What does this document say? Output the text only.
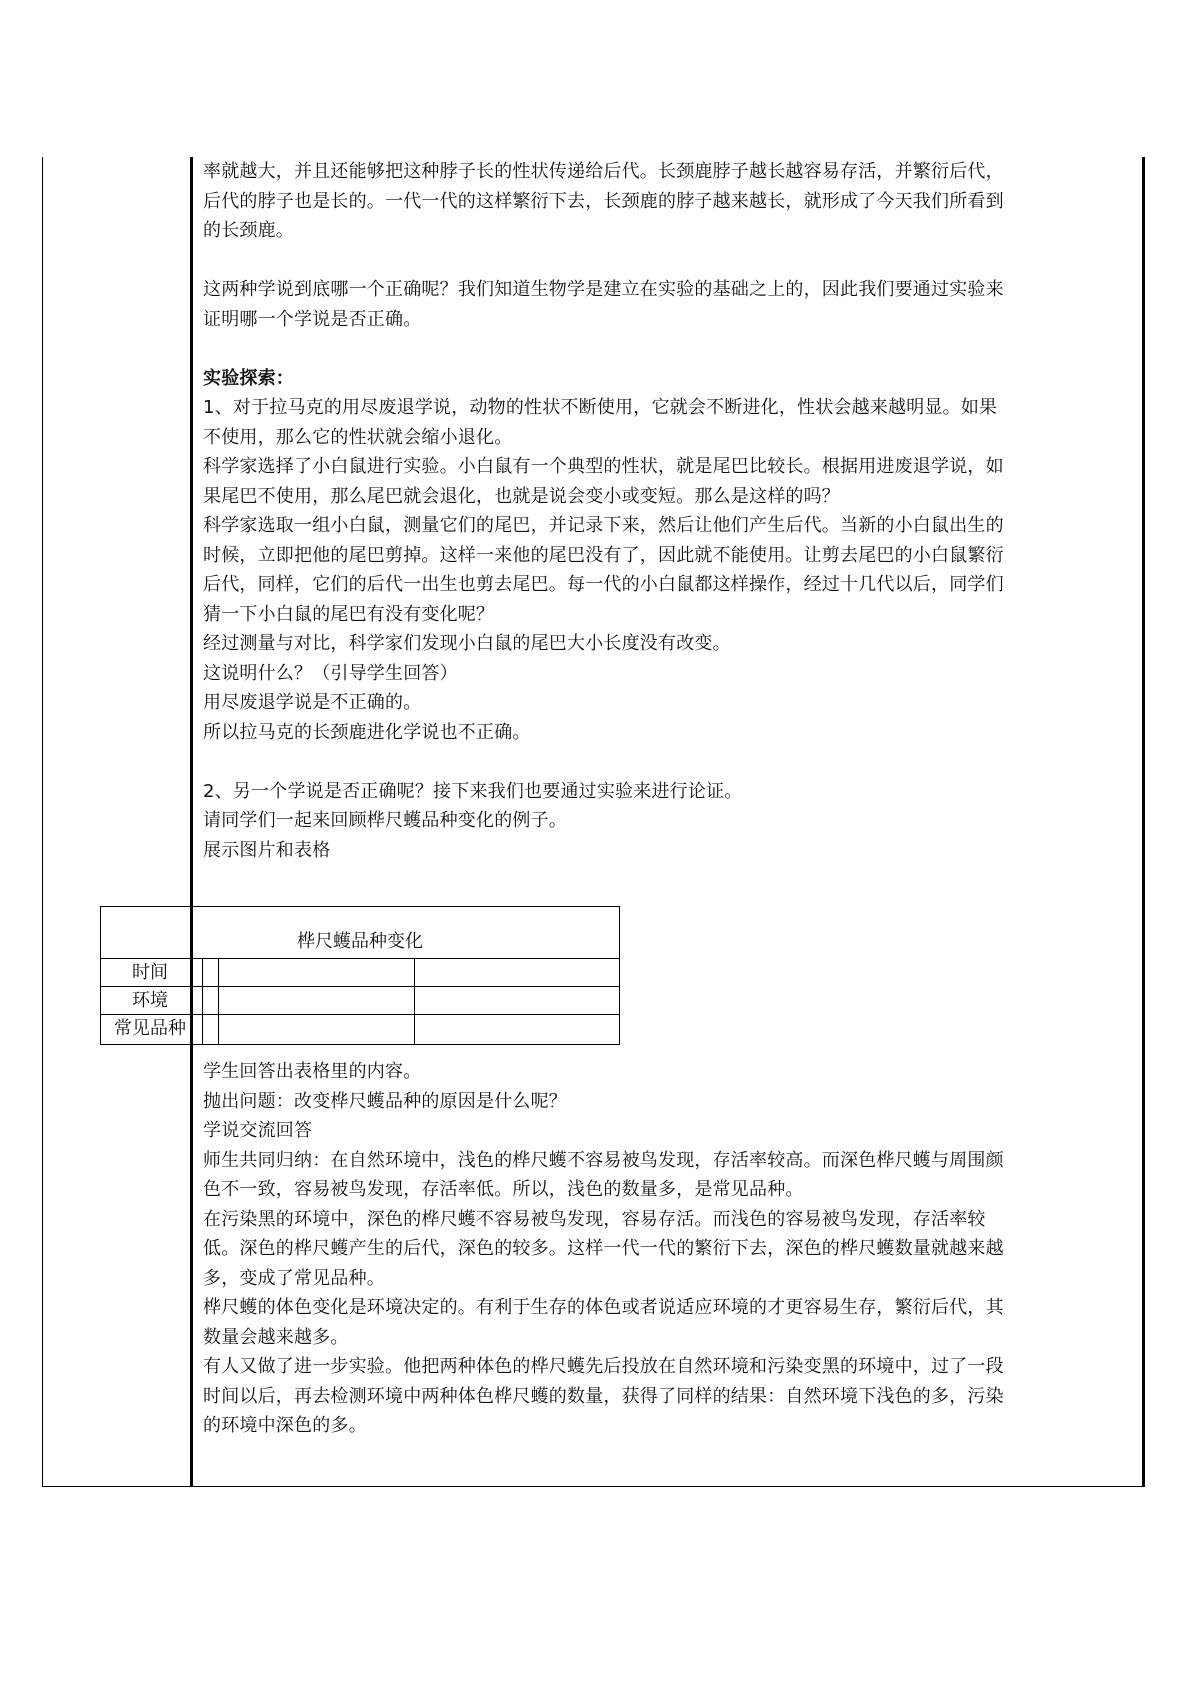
率就越大，并且还能够把这种脖子长的性状传递给后代。长颈鹿脖子越长越容易存活，并繁衍后代，
后代的脖子也是长的。一代一代的这样繁衍下去，长颈鹿的脖子越来越长，就形成了今天我们所看到
的长颈鹿。
这两种学说到底哪一个正确呢？我们知道生物学是建立在实验的基础之上的，因此我们要通过实验来
证明哪一个学说是否正确。
实验探索：
1、对于拉马克的用尽废退学说，动物的性状不断使用，它就会不断进化，性状会越来越明显。如果
不使用，那么它的性状就会缩小退化。
科学家选择了小白鼠进行实验。小白鼠有一个典型的性状，就是尾巴比较长。根据用进废退学说，如
果尾巴不使用，那么尾巴就会退化，也就是说会变小或变短。那么是这样的吗？
科学家选取一组小白鼠，测量它们的尾巴，并记录下来，然后让他们产生后代。当新的小白鼠出生的
时候，立即把他的尾巴剪掉。这样一来他的尾巴没有了，因此就不能使用。让剪去尾巴的小白鼠繁衍
后代，同样，它们的后代一出生也剪去尾巴。每一代的小白鼠都这样操作，经过十几代以后，同学们
猜一下小白鼠的尾巴有没有变化呢？
经过测量与对比，科学家们发现小白鼠的尾巴大小长度没有改变。
这说明什么？（引导学生回答）
用尽废退学说是不正确的。
所以拉马克的长颈鹿进化学说也不正确。
2、另一个学说是否正确呢？接下来我们也要通过实验来进行论证。
请同学们一起来回顾桦尺蠖品种变化的例子。
展示图片和表格
桦尺蠖品种变化
时间
环境
常见品种
学生回答出表格里的内容。
抛出问题：改变桦尺蠖品种的原因是什么呢？
学说交流回答
师生共同归纳：在自然环境中，浅色的桦尺蠖不容易被鸟发现，存活率较高。而深色桦尺蠖与周围颜
色不一致，容易被鸟发现，存活率低。所以，浅色的数量多，是常见品种。
在污染黑的环境中，深色的桦尺蠖不容易被鸟发现，容易存活。而浅色的容易被鸟发现，存活率较
低。深色的桦尺蠖产生的后代，深色的较多。这样一代一代的繁衍下去，深色的桦尺蠖数量就越来越
多，变成了常见品种。
桦尺蠖的体色变化是环境决定的。有利于生存的体色或者说适应环境的才更容易生存，繁衍后代，其
数量会越来越多。
有人又做了进一步实验。他把两种体色的桦尺蠖先后投放在自然环境和污染变黑的环境中，过了一段
时间以后，再去检测环境中两种体色桦尺蠖的数量，获得了同样的结果：自然环境下浅色的多，污染
的环境中深色的多。
